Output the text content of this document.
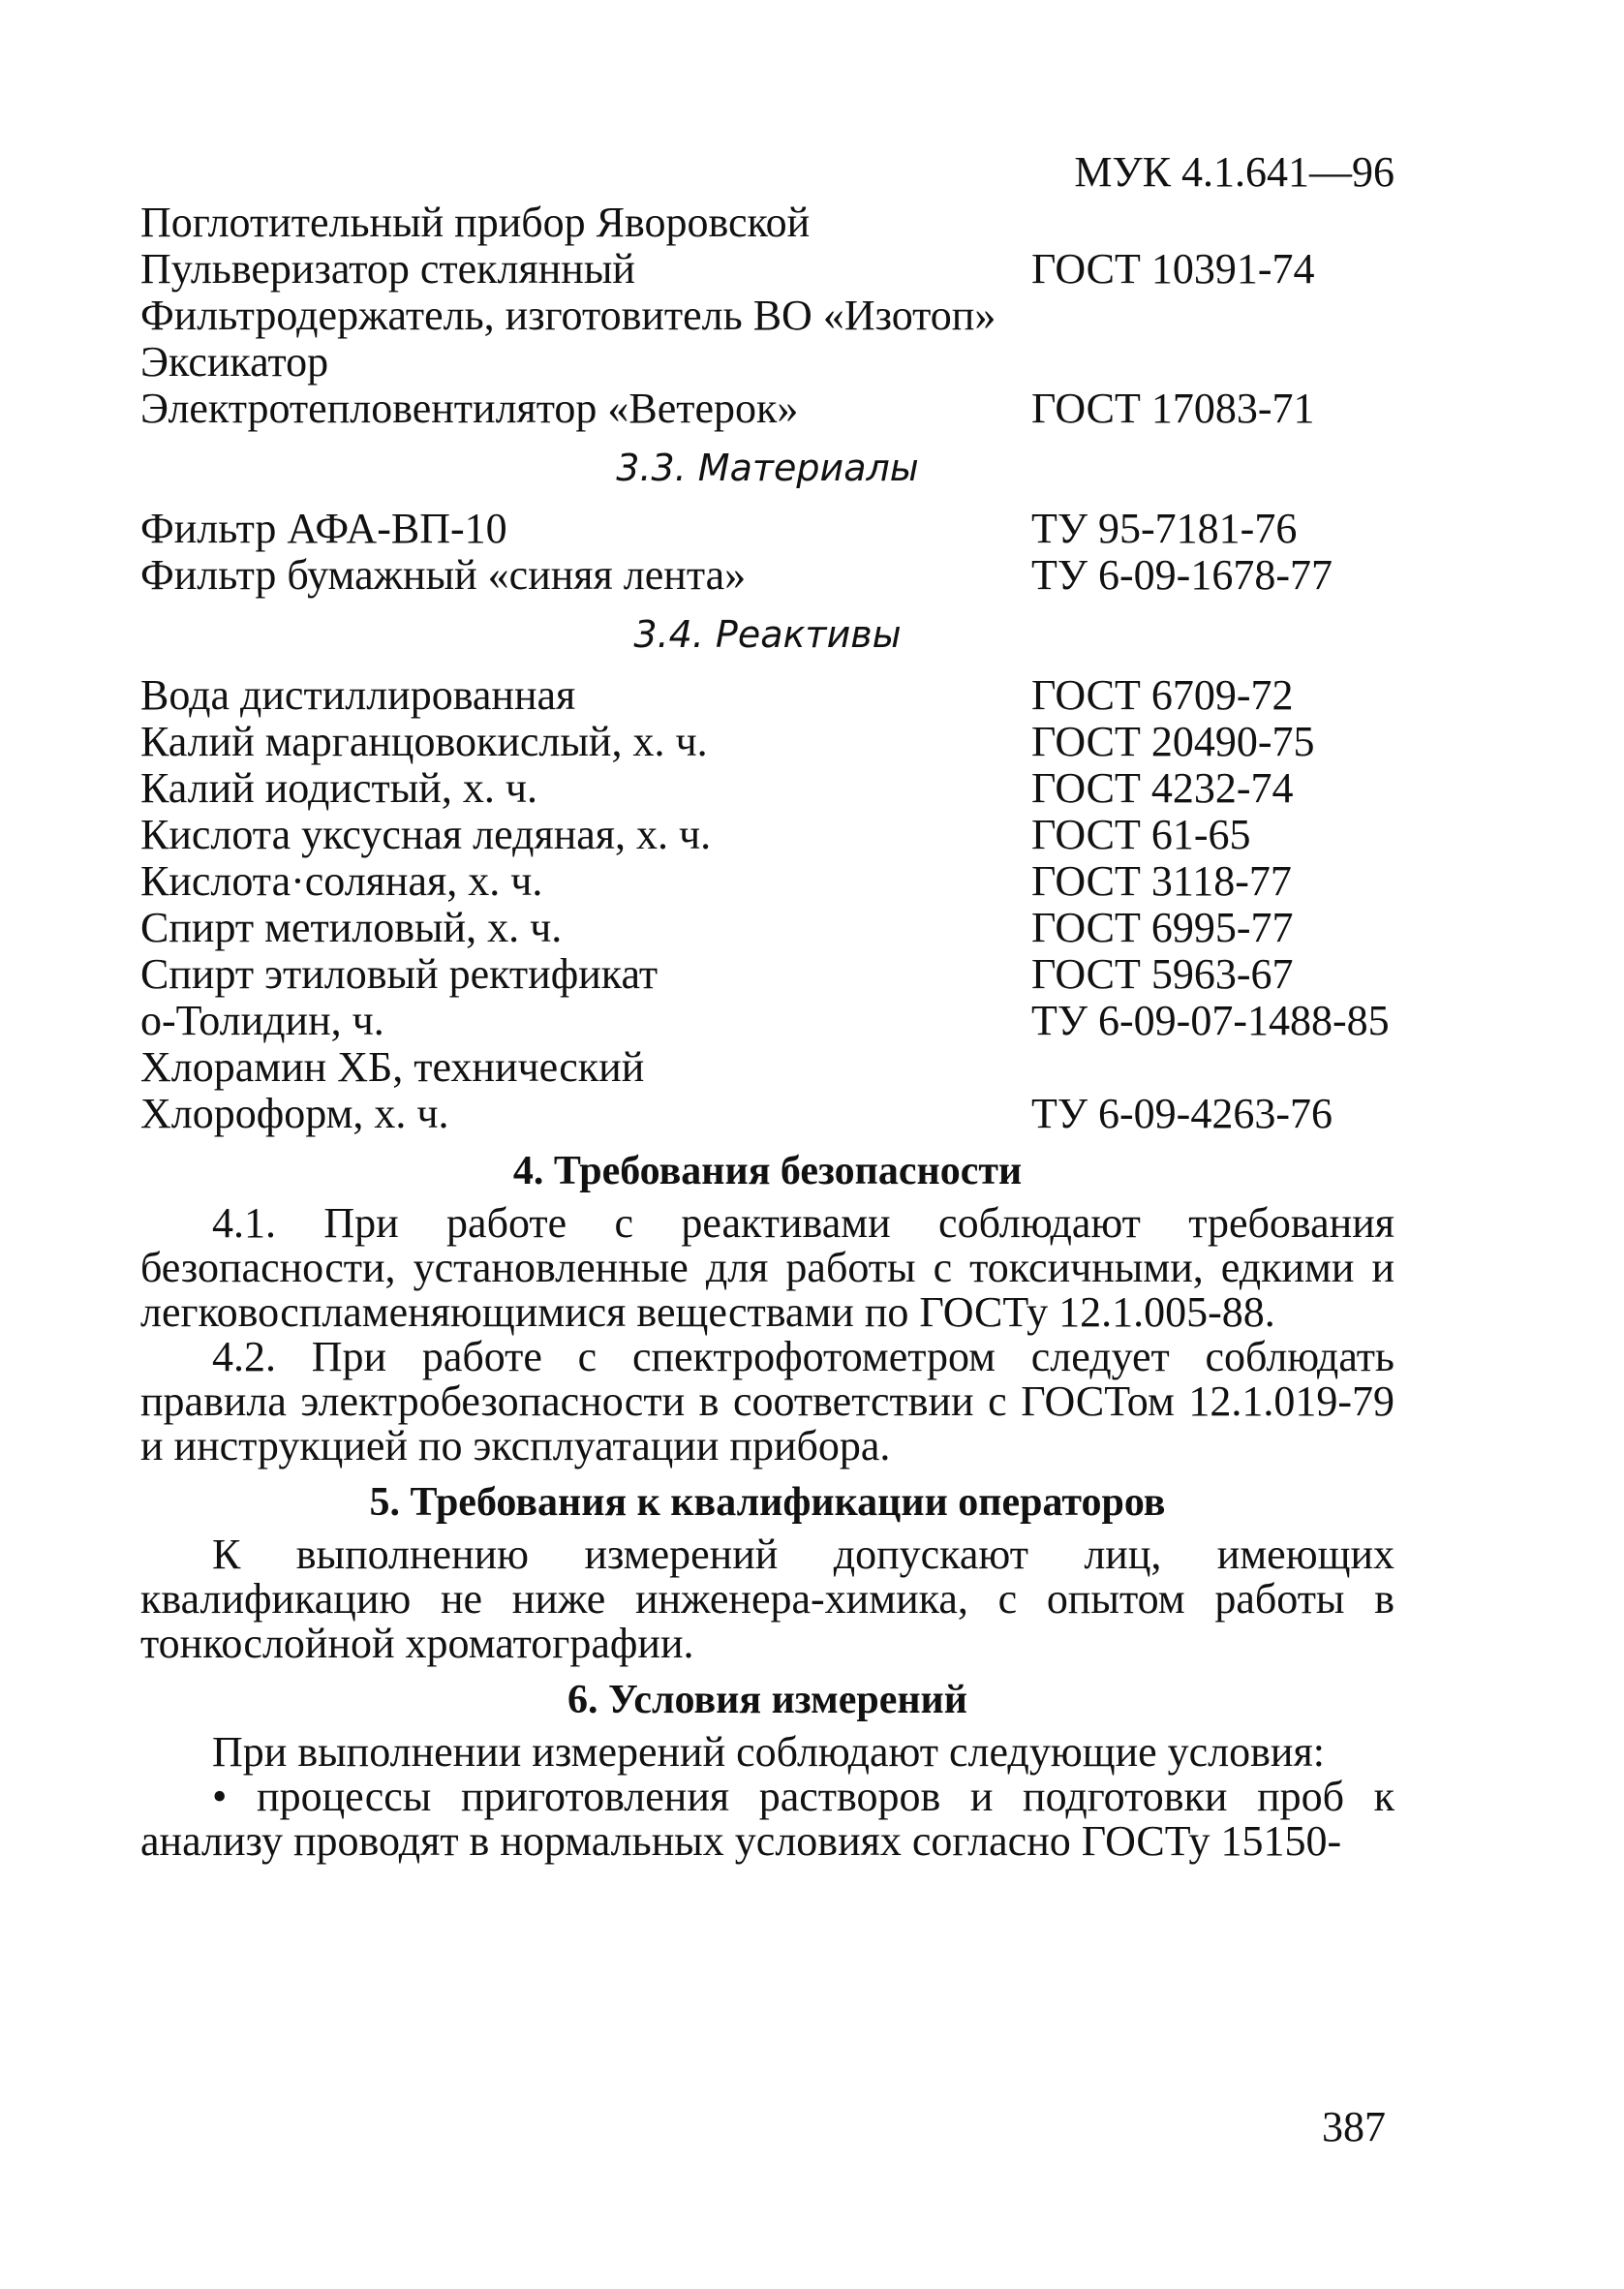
МУК 4.1.641—96
Поглотительный прибор Яворовской
Пульверизатор стеклянный	ГОСТ 10391-74
Фильтродержатель, изготовитель ВО «Изотоп»
Эксикатор
Электротепловентилятор «Ветерок»	ГОСТ 17083-71
3.3. Материалы
Фильтр АФА-ВП-10	ТУ 95-7181-76
Фильтр бумажный «синяя лента»	ТУ 6-09-1678-77
3.4. Реактивы
Вода дистиллированная	ГОСТ 6709-72
Калий марганцовокислый, х. ч.	ГОСТ 20490-75
Калий иодистый, х. ч.	ГОСТ 4232-74
Кислота уксусная ледяная, х. ч.	ГОСТ 61-65
Кислота·соляная, х. ч.	ГОСТ 3118-77
Спирт метиловый, х. ч.	ГОСТ 6995-77
Спирт этиловый ректификат	ГОСТ 5963-67
о-Толидин, ч.	ТУ 6-09-07-1488-85
Хлорамин ХБ, технический
Хлороформ, х. ч.	ТУ 6-09-4263-76
4. Требования безопасности

4.1. При работе с реактивами соблюдают требования безопасности, установленные для работы с токсичными, едкими и легковоспламеняющимися веществами по ГОСТу 12.1.005-88.

4.2. При работе с спектрофотометром следует соблюдать правила электробезопасности в соответствии с ГОСТом 12.1.019-79 и инструкцией по эксплуатации прибора.

5. Требования к квалификации операторов

К выполнению измерений допускают лиц, имеющих квалификацию не ниже инженера-химика, с опытом работы в тонкослойной хроматографии.

6. Условия измерений

При выполнении измерений соблюдают следующие условия:

• процессы приготовления растворов и подготовки проб к анализу проводят в нормальных условиях согласно ГОСТу 15150-

387
